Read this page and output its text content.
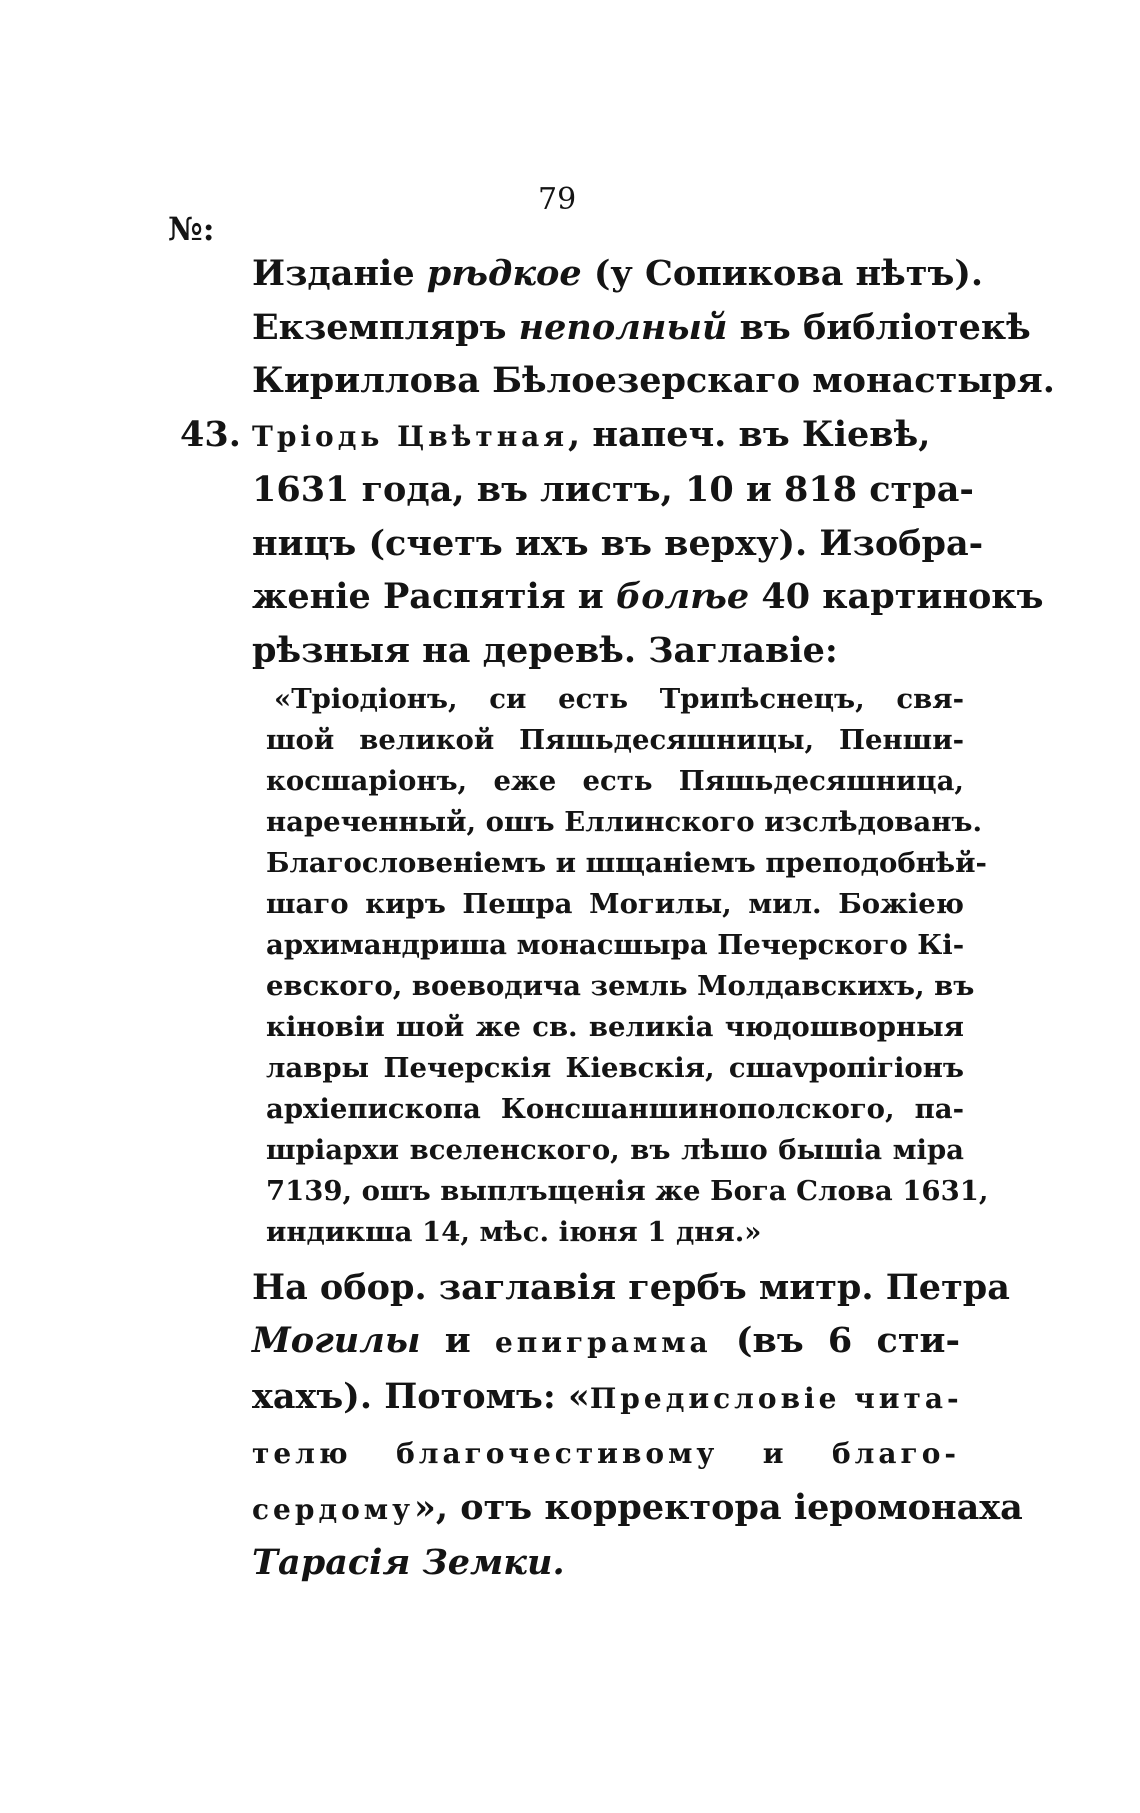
79
№:
Изданіе рѣдкое (у Сопикова нѣтъ).
Екземпляръ неполный въ библіотекѣ
Кириллова Бѣлоезерскаго монастыря.
43. Тріодь Цвѣтная, напеч. въ Кіевѣ,
1631 года, въ листъ, 10 и 818 стра-
ницъ (счетъ ихъ въ верху). Изобра-
женіе Распятія и болѣе 40 картинокъ
рѣзныя на деревѣ. Заглавіе:
«Тріодіонъ, си есть Трипѣснецъ, свя-
шой великой Пяшьдесяшницы, Пенши-
косшаріонъ, еже есть Пяшьдесяшница,
нареченный, ошъ Еллинского изслѣдованъ.
Благословеніемъ и шщаніемъ преподобнѣй-
шаго киръ Пешра Могилы, мил. Божіею
архимандриша монасшыра Печерского Кі-
евского, воеводича земль Молдавскихъ, въ
кіновіи шой же св. великіа чюдошворныя
лавры Печерскія Кіевскія, сшаvропігіонъ
архіепископа Консшаншинополского, па-
шріархи вселенского, въ лѣшо бышіа міра
7139, ошъ выплъщенія же Бога Слова 1631,
индикша 14, мѣс. іюня 1 дня.»
На обор. заглавія гербъ митр. Петра
Могилы и епиграмма (въ 6 сти-
хахъ). Потомъ: «Предисловіе чита-
телю благочестивому и благо-
сердому», отъ корректора іеромонаха
Тарасія Земки.
